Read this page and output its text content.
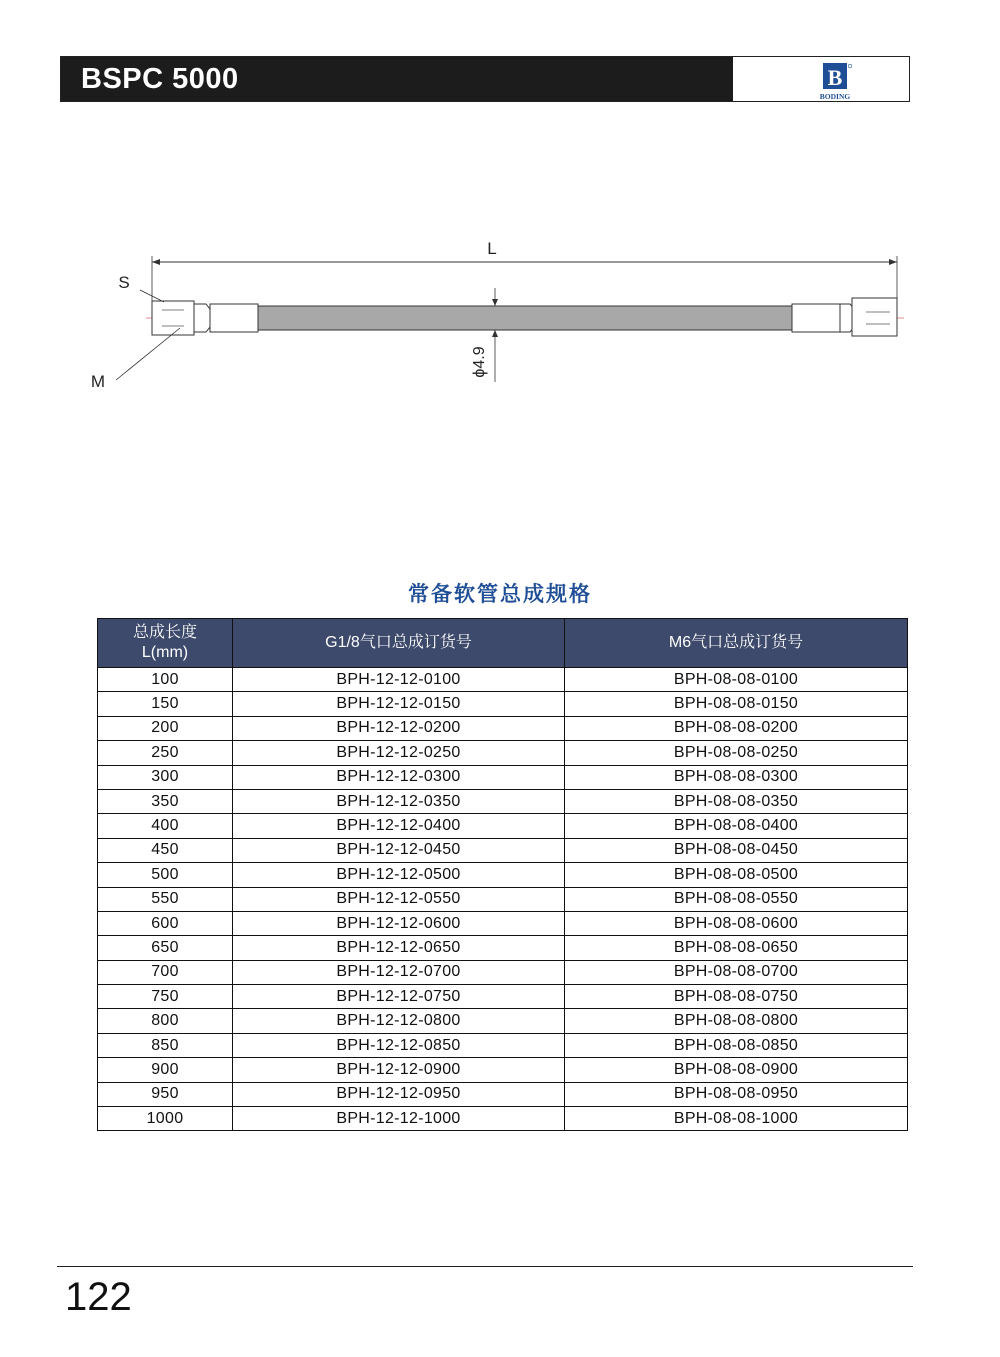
BSPC 5000	B
BODING
L
S
M
ϕ4.9
常备软管总成规格
总成长度
L(mm)	G1/8气口总成订货号	M6气口总成订货号
100	BPH-12-12-0100	BPH-08-08-0100
150	BPH-12-12-0150	BPH-08-08-0150
200	BPH-12-12-0200	BPH-08-08-0200
250	BPH-12-12-0250	BPH-08-08-0250
300	BPH-12-12-0300	BPH-08-08-0300
350	BPH-12-12-0350	BPH-08-08-0350
400	BPH-12-12-0400	BPH-08-08-0400
450	BPH-12-12-0450	BPH-08-08-0450
500	BPH-12-12-0500	BPH-08-08-0500
550	BPH-12-12-0550	BPH-08-08-0550
600	BPH-12-12-0600	BPH-08-08-0600
650	BPH-12-12-0650	BPH-08-08-0650
700	BPH-12-12-0700	BPH-08-08-0700
750	BPH-12-12-0750	BPH-08-08-0750
800	BPH-12-12-0800	BPH-08-08-0800
850	BPH-12-12-0850	BPH-08-08-0850
900	BPH-12-12-0900	BPH-08-08-0900
950	BPH-12-12-0950	BPH-08-08-0950
1000	BPH-12-12-1000	BPH-08-08-1000
122
